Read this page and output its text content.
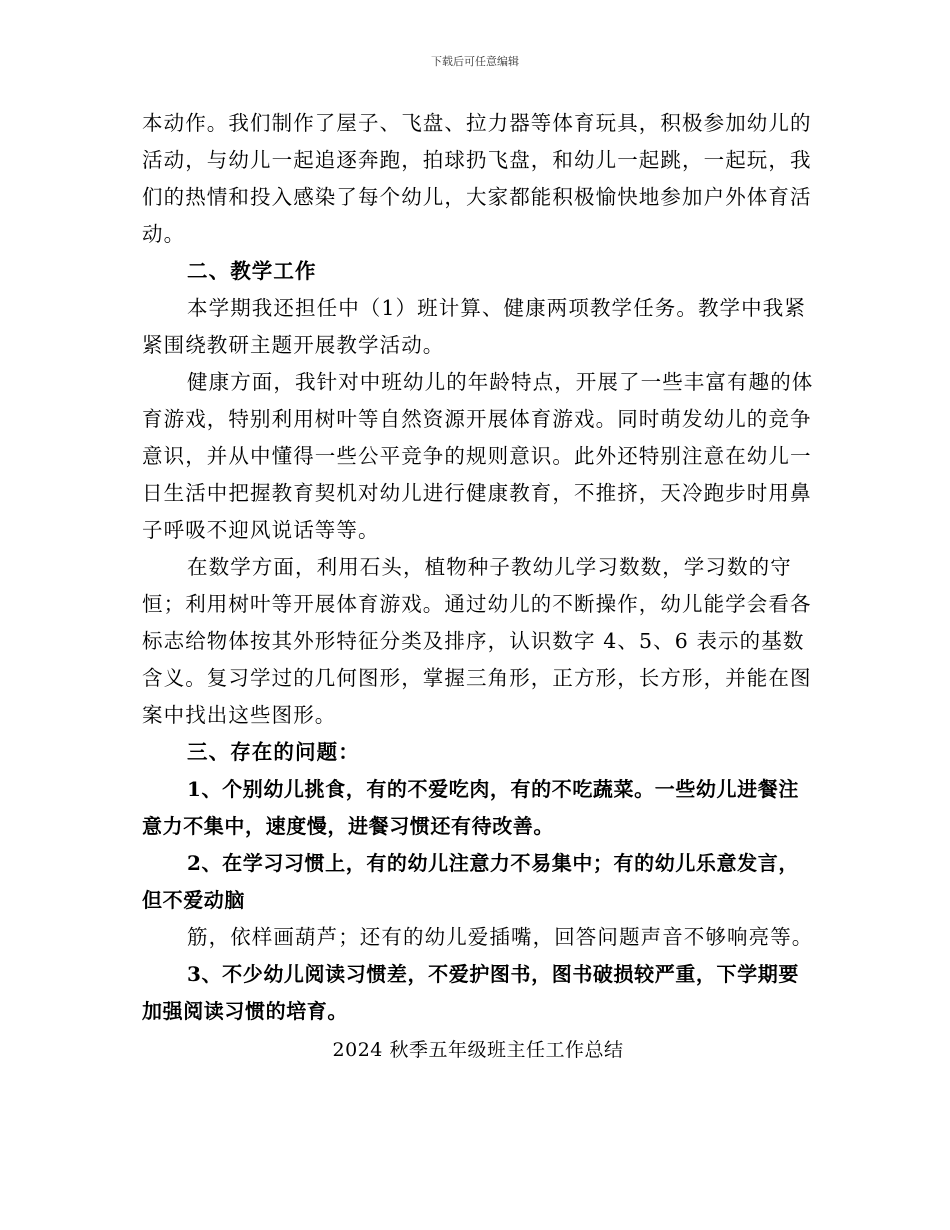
下载后可任意编辑

本动作。我们制作了屋子、飞盘、拉力器等体育玩具，积极参加幼儿的活动，与幼儿一起追逐奔跑，拍球扔飞盘，和幼儿一起跳，一起玩，我们的热情和投入感染了每个幼儿，大家都能积极愉快地参加户外体育活动。

二、教学工作

本学期我还担任中（1）班计算、健康两项教学任务。教学中我紧紧围绕教研主题开展教学活动。

健康方面，我针对中班幼儿的年龄特点，开展了一些丰富有趣的体育游戏，特别利用树叶等自然资源开展体育游戏。同时萌发幼儿的竞争意识，并从中懂得一些公平竞争的规则意识。此外还特别注意在幼儿一日生活中把握教育契机对幼儿进行健康教育，不推挤，天冷跑步时用鼻子呼吸不迎风说话等等。

在数学方面，利用石头，植物种子教幼儿学习数数，学习数的守恒；利用树叶等开展体育游戏。通过幼儿的不断操作，幼儿能学会看各标志给物体按其外形特征分类及排序，认识数字 4、5、6 表示的基数含义。复习学过的几何图形，掌握三角形，正方形，长方形，并能在图案中找出这些图形。

三、存在的问题：

1、个别幼儿挑食，有的不爱吃肉，有的不吃蔬菜。一些幼儿进餐注意力不集中，速度慢，进餐习惯还有待改善。

2、在学习习惯上，有的幼儿注意力不易集中；有的幼儿乐意发言，但不爱动脑

筋，依样画葫芦；还有的幼儿爱插嘴，回答问题声音不够响亮等。

3、不少幼儿阅读习惯差，不爱护图书，图书破损较严重，下学期要加强阅读习惯的培育。

2024 秋季五年级班主任工作总结
